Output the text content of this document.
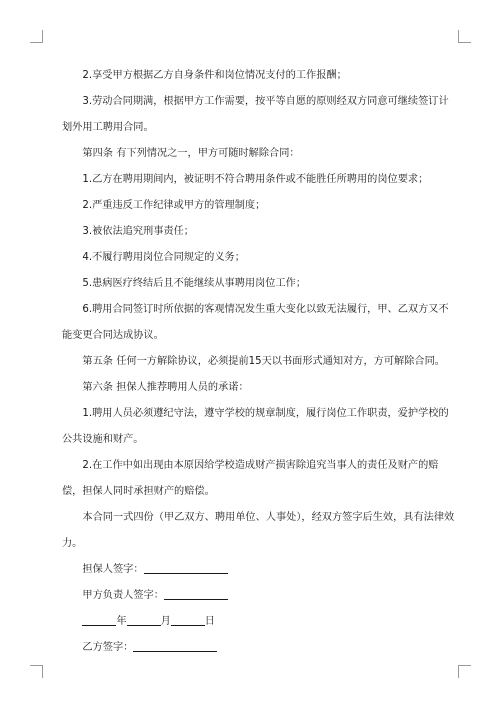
2.享受甲方根据乙方自身条件和岗位情况支付的工作报酬；

3.劳动合同期满，根据甲方工作需要，按平等自愿的原则经双方同意可继续签订计划外用工聘用合同。

第四条 有下列情况之一，甲方可随时解除合同：

1.乙方在聘用期间内，被证明不符合聘用条件或不能胜任所聘用的岗位要求；

2.严重违反工作纪律或甲方的管理制度；

3.被依法追究刑事责任；

4.不履行聘用岗位合同规定的义务；

5.患病医疗终结后且不能继续从事聘用岗位工作；

6.聘用合同签订时所依据的客观情况发生重大变化以致无法履行，甲、乙双方又不能变更合同达成协议。

第五条 任何一方解除协议，必须提前15天以书面形式通知对方，方可解除合同。

第六条 担保人推荐聘用人员的承诺：

1.聘用人员必须遵纪守法，遵守学校的规章制度，履行岗位工作职责，爱护学校的公共设施和财产。

2.在工作中如出现由本原因给学校造成财产损害除追究当事人的责任及财产的赔偿，担保人同时承担财产的赔偿。

本合同一式四份（甲乙双方、聘用单位、人事处），经双方签字后生效，具有法律效力。

担保人签字：

甲方负责人签字：

年	月	日

乙方签字：
